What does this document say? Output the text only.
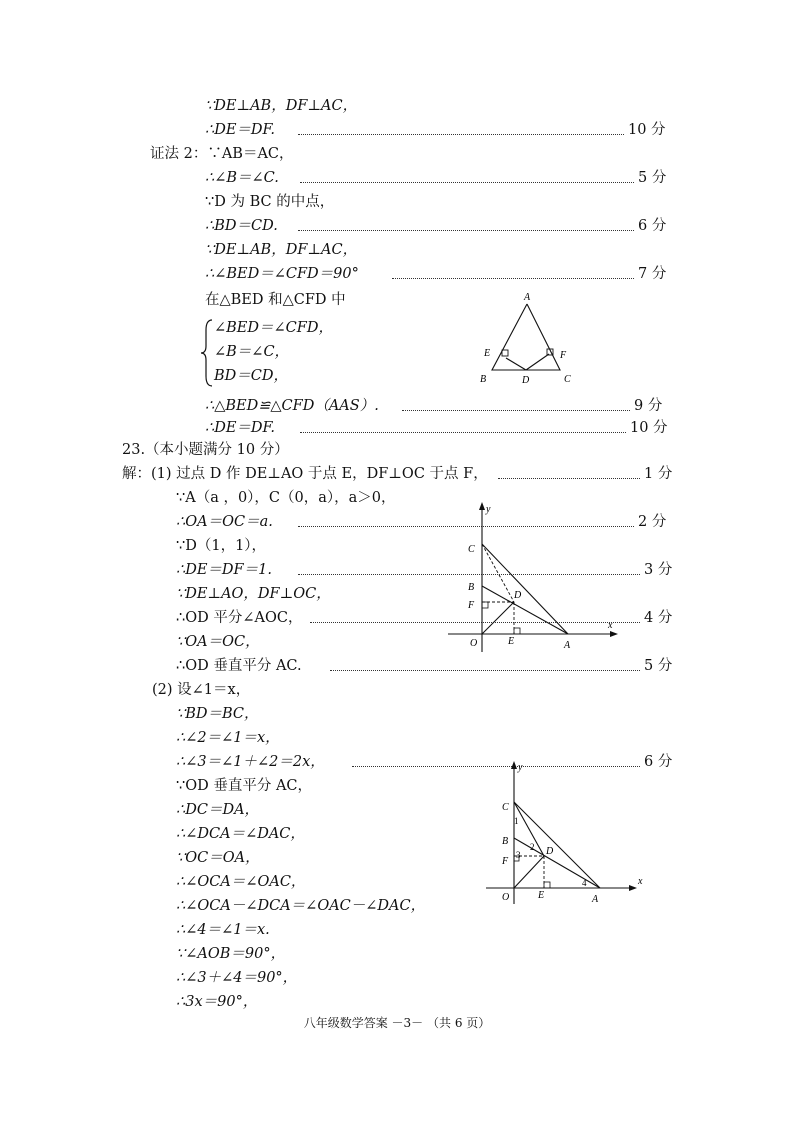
∵DE⊥AB，DF⊥AC，
∴DE＝DF.	10 分
证法 2：∵AB＝AC，
∴∠B＝∠C.	5 分
∵D 为 BC 的中点，
∴BD＝CD.	6 分
∵DE⊥AB，DF⊥AC，
∴∠BED＝∠CFD＝90°	7 分
在△BED 和△CFD 中
∠BED＝∠CFD，
∠B＝∠C，
BD＝CD，
∴△BED≌△CFD（AAS）.	9 分
∴DE＝DF.	10 分
23.（本小题满分 10 分）
解：(1) 过点 D 作 DE⊥AO 于点 E，DF⊥OC 于点 F，	1 分
∵A（a ，0），C（0，a），a＞0，
∴OA＝OC＝a.	2 分
∵D（1，1），
∴DE＝DF＝1.	3 分
∵DE⊥AO，DF⊥OC，
∴OD 平分∠AOC，	4 分
∵OA＝OC，
∴OD 垂直平分 AC.	5 分
(2) 设∠1＝x，
∵BD＝BC，
∴∠2＝∠1＝x，
∴∠3＝∠1＋∠2＝2x，	6 分
∵OD 垂直平分 AC，
∴DC＝DA，
∴∠DCA＝∠DAC，
∵OC＝OA，
∴∠OCA＝∠OAC，
∴∠OCA－∠DCA＝∠OAC－∠DAC，
∴∠4＝∠1＝x.
∵∠AOB＝90°，
∴∠3＋∠4＝90°，
∴3x＝90°，
A
E	F
B	D	C
y
C
B
F
D
O	E	A
x
y
C
1
B 2
F
3	D
O	E
4
A
x
八年级数学答案 －3－ （共 6 页）
